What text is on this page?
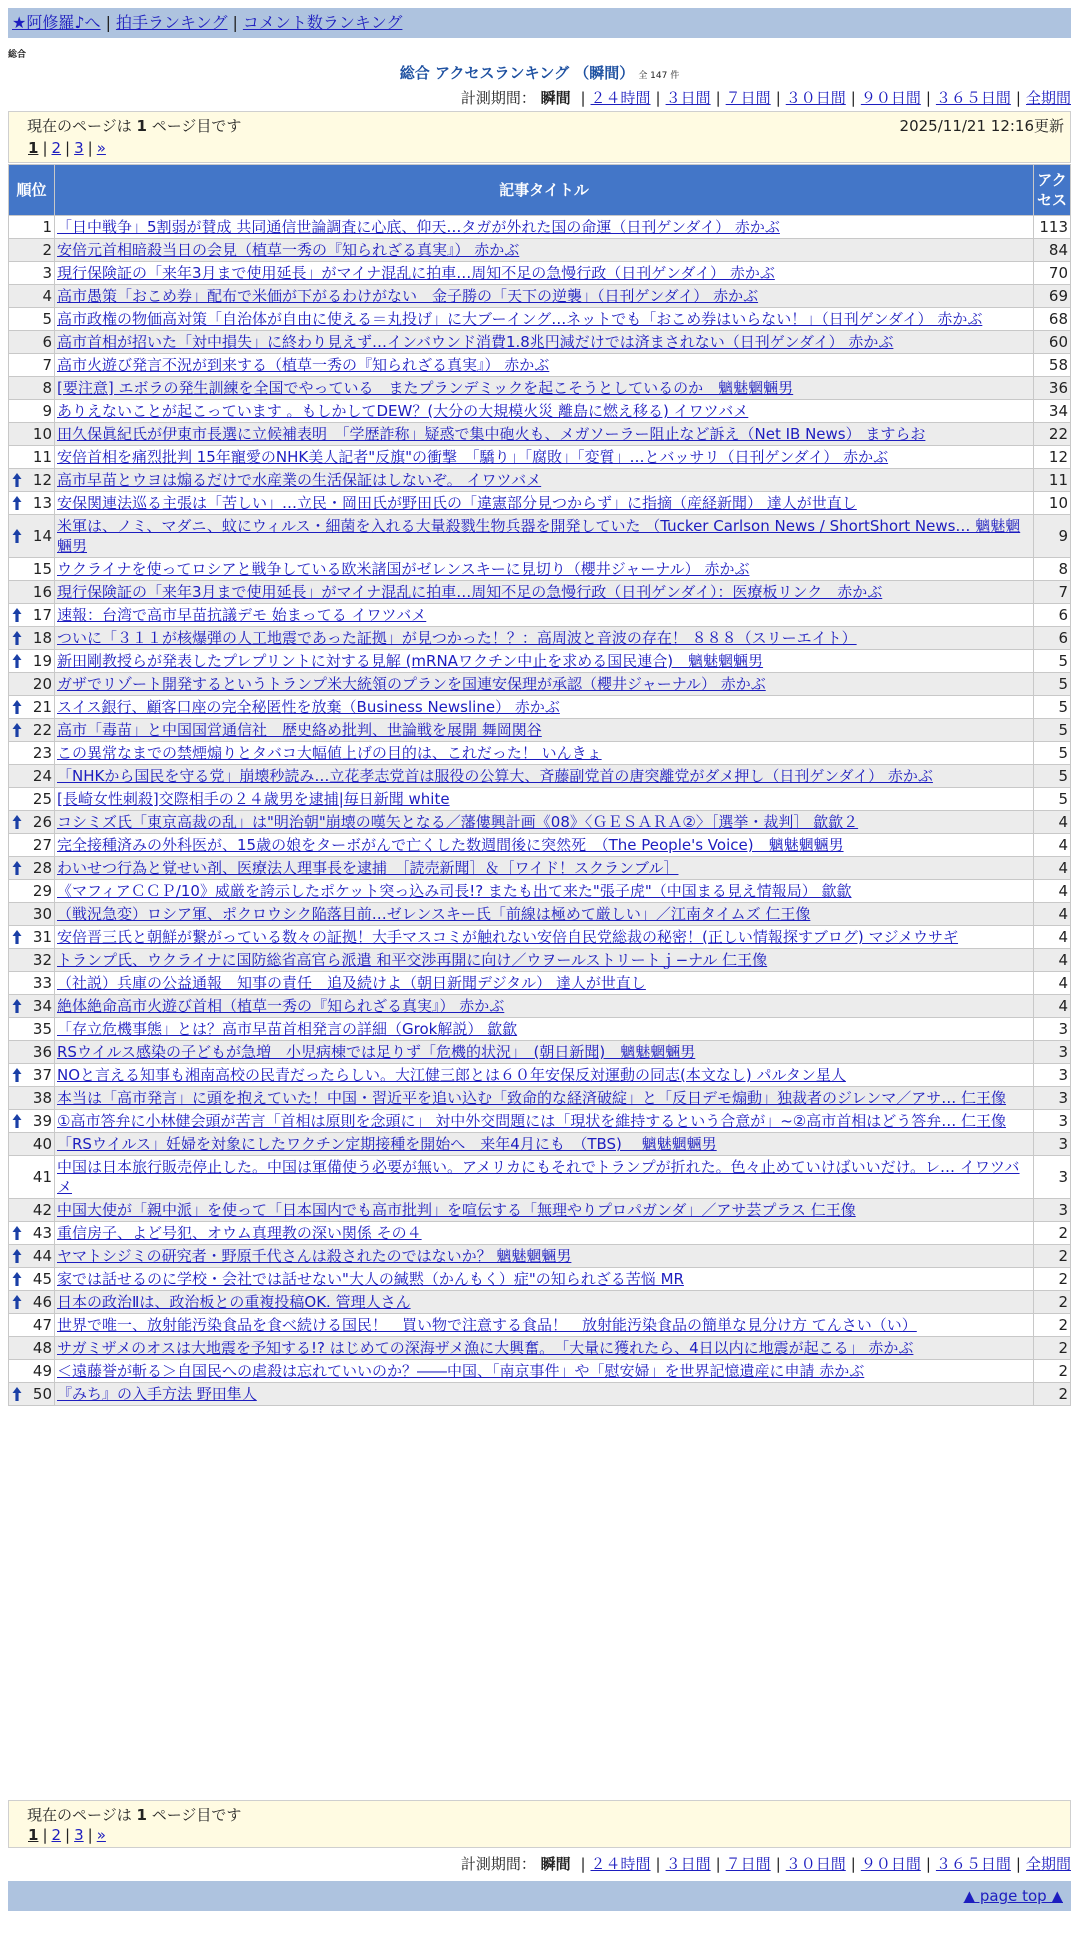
★阿修羅♪へ | 拍手ランキング | コメント数ランキング
総合
総合 アクセスランキング （瞬間） 全 147 件
計測期間： 瞬間 | ２４時間 | ３日間 | ７日間 | ３０日間 | ９０日間 | ３６５日間 | 全期間
現在のページは 1 ページ目です	2025/11/21 12:16更新
1 | 2 | 3 | »
順位	記事タイトル	アクセス
1	「日中戦争」5割弱が賛成 共同通信世論調査に心底、仰天…タガが外れた国の命運（日刊ゲンダイ） 赤かぶ	113
2	安倍元首相暗殺当日の会見（植草一秀の『知られざる真実』） 赤かぶ	84
3	現行保険証の「来年3月まで使用延長」がマイナ混乱に拍車…周知不足の急慢行政（日刊ゲンダイ） 赤かぶ	70
4	高市愚策「おこめ券」配布で米価が下がるわけがない　金子勝の「天下の逆襲」（日刊ゲンダイ） 赤かぶ	69
5	高市政権の物価高対策「自治体が自由に使える＝丸投げ」に大ブーイング…ネットでも「おこめ券はいらない！」（日刊ゲンダイ） 赤かぶ	68
6	高市首相が招いた「対中損失」に終わり見えず…インバウンド消費1.8兆円減だけでは済まされない（日刊ゲンダイ） 赤かぶ	60
7	高市火遊び発言不況が到来する（植草一秀の『知られざる真実』） 赤かぶ	58
8	[要注意] エボラの発生訓練を全国でやっている　またプランデミックを起こそうとしているのか　魑魅魍魎男	36
9	ありえないことが起こっています 。もしかしてDEW？(大分の大規模火災 離島に燃え移る) イワツバメ	34
10	田久保眞紀氏が伊東市長選に立候補表明　「学歴詐称」疑惑で集中砲火も、メガソーラー阻止など訴え（Net IB News） ますらお	22
11	安倍首相を痛烈批判 15年寵愛のNHK美人記者"反旗"の衝撃　「驕り」「腐敗」「変質」…とバッサリ（日刊ゲンダイ） 赤かぶ	12

12	高市早苗とウヨは煽るだけで水産業の生活保証はしないぞ。 イワツバメ	11

13	安保関連法巡る主張は「苦しい」…立民・岡田氏が野田氏の「違憲部分見つからず」に指摘（産経新聞） 達人が世直し	10

14	米軍は、ノミ、マダニ、蚊にウィルス・細菌を入れる大量殺戮生物兵器を開発していた （Tucker Carlson News / ShortShort News… 魑魅魍魎男	9
15	ウクライナを使ってロシアと戦争している欧米諸国がゼレンスキーに見切り（櫻井ジャーナル） 赤かぶ	8
16	現行保険証の「来年3月まで使用延長」がマイナ混乱に拍車…周知不足の急慢行政（日刊ゲンダイ）：医療板リンク　赤かぶ	7

17	速報：台湾で高市早苗抗議デモ 始まってる イワツバメ	6

18	ついに「３１１が核爆弾の人工地震であった証拠」が見つかった！？：高周波と音波の存在！ ８８８（スリーエイト）	6

19	新田剛教授らが発表したプレプリントに対する見解 (mRNAワクチン中止を求める国民連合)　魑魅魍魎男	5
20	ガザでリゾート開発するというトランプ米大統領のプランを国連安保理が承認（櫻井ジャーナル） 赤かぶ	5

21	スイス銀行、顧客口座の完全秘匿性を放棄（Business Newsline） 赤かぶ	5

22	高市「毒苗」と中国国営通信社　歴史絡め批判、世論戦を展開 舞岡関谷	5
23	この異常なまでの禁煙煽りとタバコ大幅値上げの目的は、これだった！ いんきょ	5
24	「NHKから国民を守る党」崩壊秒読み…立花孝志党首は服役の公算大、斉藤副党首の唐突離党がダメ押し（日刊ゲンダイ） 赤かぶ	5
25	[長崎女性刺殺]交際相手の２４歳男を逮捕|毎日新聞 white	5

26	コシミズ氏「東京高裁の乱」は"明治朝"崩壊の嘆矢となる／藩僂興計画《08》〈ＧＥＳＡＲＡ②〉［選挙・裁判］ 歙歙２	4
27	完全接種済みの外科医が、15歳の娘をターボがんで亡くした数週間後に突然死　（The People's Voice)　魑魅魍魎男	4

28	わいせつ行為と覚せい剤、医療法人理事長を逮捕　［読売新聞］＆［ワイド！スクランブル］	4
29	《マフィアＣＣＰ/10》威厳を誇示したポケット突っ込み司長!? またも出て来た"張子虎"（中国まる見え情報局） 歙歙	4
30	（戦況急変）ロシア軍、ポクロウシク陥落目前…ゼレンスキー氏「前線は極めて厳しい」／江南タイムズ 仁王像	4

31	安倍晋三氏と朝鮮が繋がっている数々の証拠！大手マスコミが触れない安倍自民党総裁の秘密！(正しい情報探すブログ) マジメウサギ	4
32	トランプ氏、ウクライナに国防総省高官ら派遣 和平交渉再開に向け／ウヲールストリートｊ−ナル 仁王像	4
33	（社説）兵庫の公益通報　知事の責任　追及続けよ（朝日新聞デジタル） 達人が世直し	4

34	絶体絶命高市火遊び首相（植草一秀の『知られざる真実』） 赤かぶ	4
35	「存立危機事態」とは？高市早苗首相発言の詳細（Grok解説） 歙歙	3
36	RSウイルス感染の子どもが急増　小児病棟では足りず「危機的状況」　(朝日新聞)　魑魅魍魎男	3

37	NOと言える知事も湘南高校の民青だったらしい。大江健三郎とは６０年安保反対運動の同志(本文なし) パルタン星人	3
38	本当は「高市発言」に頭を抱えていた！中国・習近平を追い込む「致命的な経済破綻」と「反日デモ煽動」独裁者のジレンマ／アサ… 仁王像	3

39	①高市答弁に小林健会頭が苦言「首相は原則を念頭に」 対中外交問題には「現状を維持するという合意が」~②高市首相はどう答弁… 仁王像	3
40	「RSウイルス」妊婦を対象にしたワクチン定期接種を開始へ　来年4月にも　（TBS)　 魑魅魍魎男	3
41	中国は日本旅行販売停止した。中国は軍備使う必要が無い。アメリカにもそれでトランプが折れた。色々止めていけばいいだけ。レ… イワツバメ	3
42	中国大使が「親中派」を使って「日本国内でも高市批判」を喧伝する「無理やりプロパガンダ」／アサ芸プラス 仁王像	3

43	重信房子、よど号犯、オウム真理教の深い関係 その４	2

44	ヤマトシジミの研究者・野原千代さんは殺されたのではないか？ 魑魅魍魎男	2

45	家では話せるのに学校・会社では話せない"大人の緘黙（かんもく）症"の知られざる苦悩 MR	2

46	日本の政治Ⅱは、政治板との重複投稿OK. 管理人さん	2
47	世界で唯一、放射能汚染食品を食べ続ける国民！　買い物で注意する食品！　放射能汚染食品の簡単な見分け方 てんさい（い）	2
48	サガミザメのオスは大地震を予知する!? はじめての深海ザメ漁に大興奮。　「大量に獲れたら、4日以内に地震が起こる」 赤かぶ	2
49	＜遠藤誉が斬る＞自国民への虐殺は忘れていいのか？――中国、「南京事件」や「慰安婦」を世界記憶遺産に申請 赤かぶ	2

50	『みち』の入手方法 野田隼人	2
現在のページは 1 ページ目です
1 | 2 | 3 | »
計測期間： 瞬間 | ２４時間 | ３日間 | ７日間 | ３０日間 | ９０日間 | ３６５日間 | 全期間
▲ page top ▲
